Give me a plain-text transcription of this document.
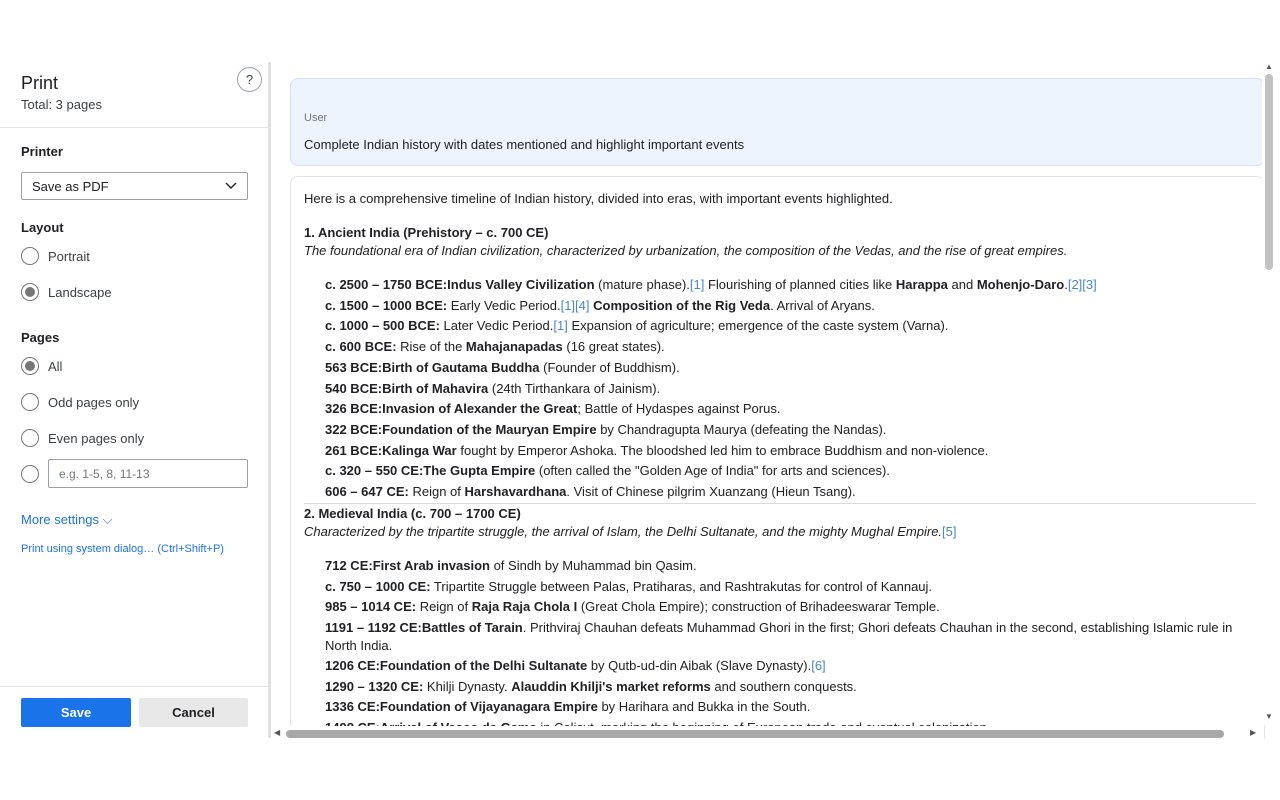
Print
Total: 3 pages
?
Printer
Save as PDF
Layout
Portrait
Landscape
Pages
All
Odd pages only
Even pages only
e.g. 1-5, 8, 11-13
More settings ⌵
Print using system dialog… (Ctrl+Shift+P)
Save	Cancel
User
Complete Indian history with dates mentioned and highlight important events
Here is a comprehensive timeline of Indian history, divided into eras, with important events highlighted.
1. Ancient India (Prehistory – c. 700 CE)
The foundational era of Indian civilization, characterized by urbanization, the composition of the Vedas, and the rise of great empires.
2. Medieval India (c. 700 – 1700 CE)
Characterized by the tripartite struggle, the arrival of Islam, the Delhi Sultanate, and the mighty Mughal Empire.[5]
c. 2500 – 1750 BCE:Indus Valley Civilization (mature phase).[1] Flourishing of planned cities like Harappa and Mohenjo-Daro.[2][3]
c. 1500 – 1000 BCE: Early Vedic Period.[1][4] Composition of the Rig Veda. Arrival of Aryans.
c. 1000 – 500 BCE: Later Vedic Period.[1] Expansion of agriculture; emergence of the caste system (Varna).
c. 600 BCE: Rise of the Mahajanapadas (16 great states).
563 BCE:Birth of Gautama Buddha (Founder of Buddhism).
540 BCE:Birth of Mahavira (24th Tirthankara of Jainism).
326 BCE:Invasion of Alexander the Great; Battle of Hydaspes against Porus.
322 BCE:Foundation of the Mauryan Empire by Chandragupta Maurya (defeating the Nandas).
261 BCE:Kalinga War fought by Emperor Ashoka. The bloodshed led him to embrace Buddhism and non-violence.
c. 320 – 550 CE:The Gupta Empire (often called the "Golden Age of India" for arts and sciences).
606 – 647 CE: Reign of Harshavardhana. Visit of Chinese pilgrim Xuanzang (Hieun Tsang).
712 CE:First Arab invasion of Sindh by Muhammad bin Qasim.
c. 750 – 1000 CE: Tripartite Struggle between Palas, Pratiharas, and Rashtrakutas for control of Kannauj.
985 – 1014 CE: Reign of Raja Raja Chola I (Great Chola Empire); construction of Brihadeeswarar Temple.
1191 – 1192 CE:Battles of Tarain. Prithviraj Chauhan defeats Muhammad Ghori in the first; Ghori defeats Chauhan in the second, establishing Islamic rule in
North India.
1206 CE:Foundation of the Delhi Sultanate by Qutb-ud-din Aibak (Slave Dynasty).[6]
1290 – 1320 CE: Khilji Dynasty. Alauddin Khilji's market reforms and southern conquests.
1336 CE:Foundation of Vijayanagara Empire by Harihara and Bukka in the South.
▲
▼
◀	▶
